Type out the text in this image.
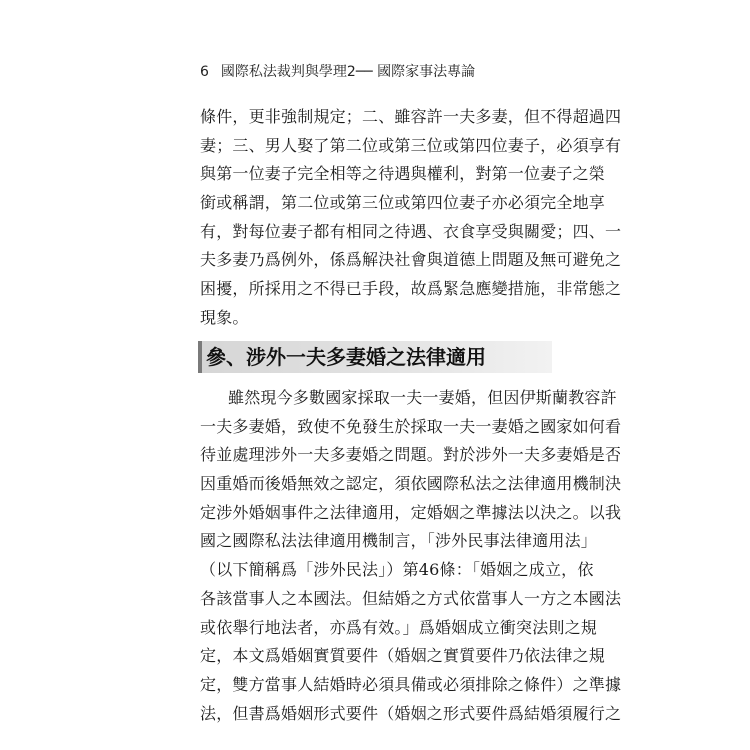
6 國際私法裁判與學理2── 國際家事法專論
條件，更非強制規定；二、雖容許一夫多妻，但不得超過四
妻；三、男人娶了第二位或第三位或第四位妻子，必須享有
與第一位妻子完全相等之待遇與權利，對第一位妻子之榮
銜或稱謂，第二位或第三位或第四位妻子亦必須完全地享
有，對每位妻子都有相同之待遇、衣食享受與關愛；四、一
夫多妻乃爲例外，係爲解決社會與道德上問題及無可避免之
困擾，所採用之不得已手段，故爲緊急應變措施，非常態之
現象。
參、涉外一夫多妻婚之法律適用
雖然現今多數國家採取一夫一妻婚，但因伊斯蘭教容許
一夫多妻婚，致使不免發生於採取一夫一妻婚之國家如何看
待並處理涉外一夫多妻婚之問題。對於涉外一夫多妻婚是否
因重婚而後婚無效之認定，須依國際私法之法律適用機制決
定涉外婚姻事件之法律適用，定婚姻之準據法以決之。以我
國之國際私法法律適用機制言，「涉外民事法律適用法」
（以下簡稱爲「涉外民法」）第46條：「婚姻之成立，依
各該當事人之本國法。但結婚之方式依當事人一方之本國法
或依舉行地法者，亦爲有效。」爲婚姻成立衝突法則之規
定，本文爲婚姻實質要件（婚姻之實質要件乃依法律之規
定，雙方當事人結婚時必須具備或必須排除之條件）之準據
法，但書爲婚姻形式要件（婚姻之形式要件爲結婚須履行之
